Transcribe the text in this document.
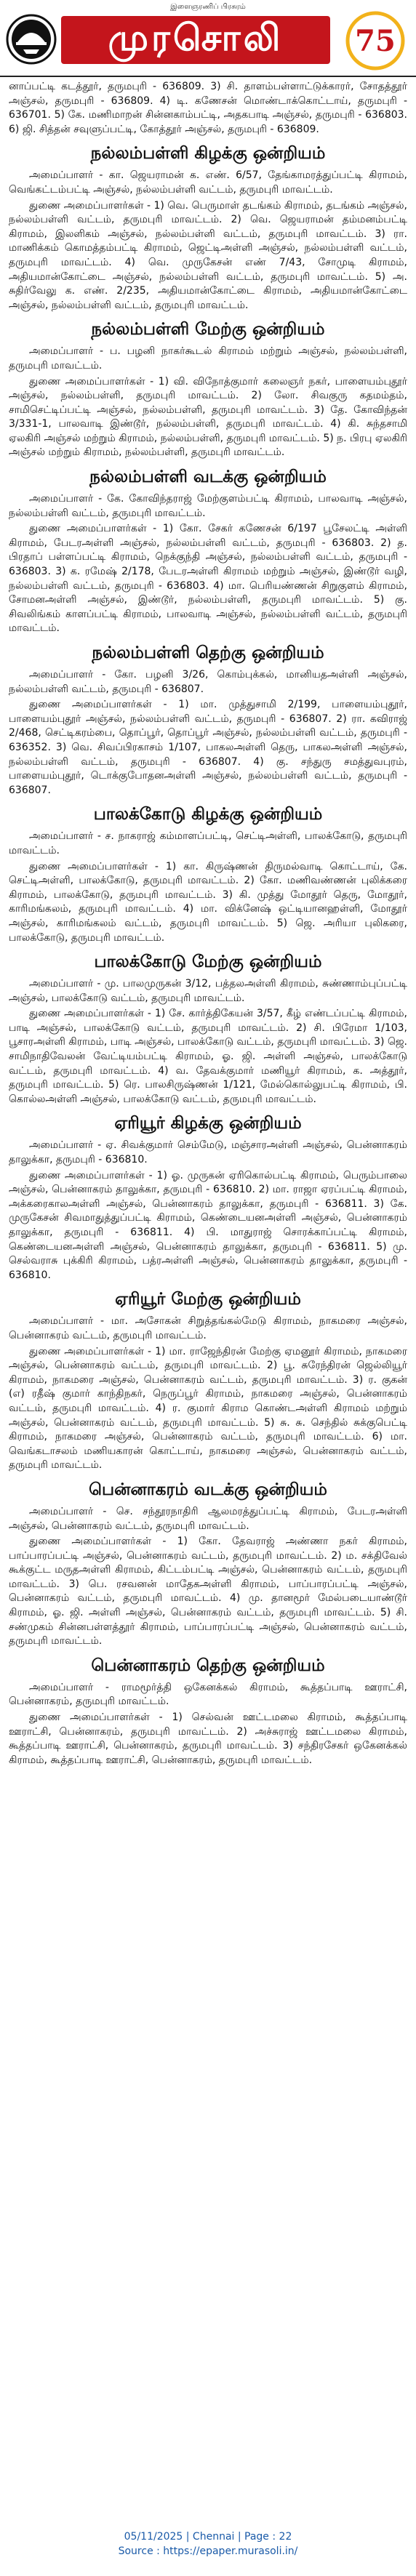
இளைஞரணிப் பிரசுரம்
முரசொலி	75

னாப்பட்டி கடத்தூர், தருமபுரி - 636809. 3) சி. தாளம்பள்ளாட்டுக்காரர், சோதத்தூர் அஞ்சல், தருமபுரி - 636809. 4) டி. கணேசன் மொண்டாக்கொட்டாய், தருமபுரி - 636701. 5) கே. மணிமாறன் சின்னகாம்பட்டி, அதகபாடி அஞ்சல், தருமபுரி - 636803. 6) ஜி. சித்தன் சவுளுப்பட்டி, கோத்தூர் அஞ்சல், தருமபுரி - 636809.

நல்லம்பள்ளி கிழக்கு ஒன்றியம்

அமைப்பாளர் - கா. ஜெயராமன் க. எண். 6/57, தேங்காமரத்துப்பட்டி கிராமம், வெங்கட்டம்பட்டி அஞ்சல், நல்லம்பள்ளி வட்டம், தருமபுரி மாவட்டம்.

துணை அமைப்பாளர்கள் - 1) வெ. பெருமாள் தடங்கம் கிராமம், தடங்கம் அஞ்சல், நல்லம்பள்ளி வட்டம், தருமபுரி மாவட்டம். 2) வெ. ஜெயராமன் தம்மனம்பட்டி கிராமம், இலளிகம் அஞ்சல், நல்லம்பள்ளி வட்டம், தருமபுரி மாவட்டம். 3) ரா. மாணிக்கம் கொமத்தம்பட்டி கிராமம், ஜெட்டிஅள்ளி அஞ்சல், நல்லம்பள்ளி வட்டம், தருமபுரி மாவட்டம். 4) வெ. முருகேசன் எண் 7/43, சோமுடி கிராமம், அதியமான்கோட்டை அஞ்சல், நல்லம்பள்ளி வட்டம், தருமபுரி மாவட்டம். 5) அ. சுதிர்வேலு க. எண். 2/235, அதியமான்கோட்டை கிராமம், அதியமான்கோட்டை அஞ்சல், நல்லம்பள்ளி வட்டம், தருமபுரி மாவட்டம்.

நல்லம்பள்ளி மேற்கு ஒன்றியம்

அமைப்பாளர் - ப. பழனி நாகர்கூடல் கிராமம் மற்றும் அஞ்சல், நல்லம்பள்ளி, தருமபுரி மாவட்டம்.

துணை அமைப்பாளர்கள் - 1) வி. விநோத்குமார் கலைஞர் நகர், பாளையம்புதூர் அஞ்சல், நல்லம்பள்ளி, தருமபுரி மாவட்டம். 2) லோ. சிவகுரு கதமம்தம், சாமிசெட்டிப்பட்டி அஞ்சல், நல்லம்பள்ளி, தருமபுரி மாவட்டம். 3) தே. கோவிந்தன் 3/331-1, பாலவாடி இண்டூர், நல்லம்பள்ளி, தருமபுரி மாவட்டம். 4) கி. சுந்தசாமி ஏலகிரி அஞ்சல் மற்றும் கிராமம், நல்லம்பள்ளி, தருமபுரி மாவட்டம். 5) ந. பிரபு ஏலகிரி அஞ்சல் மற்றும் கிராமம், நல்லம்பள்ளி, தருமபுரி மாவட்டம்.

நல்லம்பள்ளி வடக்கு ஒன்றியம்

அமைப்பாளர் - கே. கோவிந்தராஜ் மேற்குளம்பட்டி கிராமம், பாலவாடி அஞ்சல், நல்லம்பள்ளி வட்டம், தருமபுரி மாவட்டம்.

துணை அமைப்பாளர்கள் - 1) கோ. சேகர் கணேசன் 6/197 பூசேலட்டி அள்ளி கிராமம், பேடரஅள்ளி அஞ்சல், நல்லம்பள்ளி வட்டம், தருமபுரி - 636803. 2) த. பிரதாப் பள்ளப்பட்டி கிராமம், நெக்குந்தி அஞ்சல், நல்லம்பள்ளி வட்டம், தருமபுரி - 636803. 3) க. ரமேஷ் 2/178, பேடரஅள்ளி கிராமம் மற்றும் அஞ்சல், இண்டூர் வழி, நல்லம்பள்ளி வட்டம், தருமபுரி - 636803. 4) மா. பெரியண்ணன் சிறுகுளம் கிராமம், சோமனஅள்ளி அஞ்சல், இண்டூர், நல்லம்பள்ளி, தருமபுரி மாவட்டம். 5) கு. சிவலிங்கம் காளப்பட்டி கிராமம், பாலவாடி அஞ்சல், நல்லம்பள்ளி வட்டம், தருமபுரி மாவட்டம்.

நல்லம்பள்ளி தெற்கு ஒன்றியம்

அமைப்பாளர் - கோ. பழனி 3/26, கொம்புக்கல், மானியதஅள்ளி அஞ்சல், நல்லம்பள்ளி வட்டம், தருமபுரி - 636807.

துணை அமைப்பாளர்கள் - 1) மா. முத்துசாமி 2/199, பாளையம்புதூர், பாளையம்புதூர் அஞ்சல், நல்லம்பள்ளி வட்டம், தருமபுரி - 636807. 2) ரா. கவிராஜ் 2/468, செட்டிகரம்பை, தொப்பூர், தொப்பூர் அஞ்சல், நல்லம்பள்ளி வட்டம், தருமபுரி - 636352. 3) வெ. சிவப்பிரகாசம் 1/107, பாகலஅள்ளி தெரு, பாகலஅள்ளி அஞ்சல், நல்லம்பள்ளி வட்டம், தருமபுரி - 636807. 4) கு. சந்துரு சமத்துவபுரம், பாளையம்புதூர், டொக்குபோதனஅள்ளி அஞ்சல், நல்லம்பள்ளி வட்டம், தருமபுரி - 636807.

பாலக்கோடு கிழக்கு ஒன்றியம்

அமைப்பாளர் - ச. நாகராஜ் கம்மாளப்பட்டி, செட்டிஅள்ளி, பாலக்கோடு, தருமபுரி மாவட்டம்.

துணை அமைப்பாளர்கள் - 1) கா. கிருஷ்ணன் திருமல்வாடி கொட்டாய், கே. செட்டிஅள்ளி, பாலக்கோடு, தருமபுரி மாவட்டம். 2) கோ. மணிவண்ணன் புலிக்கரை கிராமம், பாலக்கோடு, தருமபுரி மாவட்டம். 3) கி. முத்து மோதூர் தெரு, மோதூர், காரிமங்கலம், தருமபுரி மாவட்டம். 4) மா. விக்னேஷ் ஒட்டியானஹள்ளி, மோதூர் அஞ்சல், காரிமங்கலம் வட்டம், தருமபுரி மாவட்டம். 5) ஜெ. அரியா புலிகரை, பாலக்கோடு, தருமபுரி மாவட்டம்.

பாலக்கோடு மேற்கு ஒன்றியம்

அமைப்பாளர் - மு. பாலமுருகன் 3/12, பத்தலஅள்ளி கிராமம், சுண்ணாம்புப்பட்டி அஞ்சல், பாலக்கோடு வட்டம், தருமபுரி மாவட்டம்.

துணை அமைப்பாளர்கள் - 1) சே. கார்த்திகேயன் 3/57, கீழ் எண்டப்பட்டி கிராமம், பாடி அஞ்சல், பாலக்கோடு வட்டம், தருமபுரி மாவட்டம். 2) சி. பிரேமா 1/103, பூசாரஅள்ளி கிராமம், பாடி அஞ்சல், பாலக்கோடு வட்டம், தருமபுரி மாவட்டம். 3) ஜெ. சாமிநாதிவேலன் வேட்டியம்பட்டி கிராமம், ஓ. ஜி. அள்ளி அஞ்சல், பாலக்கோடு வட்டம், தருமபுரி மாவட்டம். 4) வ. தேவக்குமார் மணியூர் கிராமம், க. அத்தூர், தருமபுரி மாவட்டம். 5) ரெ. பாலசிருஷ்ணன் 1/121, மேல்கொல்லுபட்டி கிராமம், பி. கொல்லஅள்ளி அஞ்சல், பாலக்கோடு வட்டம், தருமபுரி மாவட்டம்.

ஏரியூர் கிழக்கு ஒன்றியம்

அமைப்பாளர் - ஏ. சிவக்குமார் செம்மேடு, மஞ்சாரஅள்ளி அஞ்சல், பென்னாகரம் தாலுக்கா, தருமபுரி - 636810.

துணை அமைப்பாளர்கள் - 1) ஓ. முருகன் ஏரிகொல்பட்டி கிராமம், பெரும்பாலை அஞ்சல், பென்னாகரம் தாலுக்கா, தருமபுரி - 636810. 2) மா. ராஜா ஏரப்பட்டி கிராமம், அக்கரைகாலஅள்ளி அஞ்சல், பென்னாகரம் தாலுக்கா, தருமபுரி - 636811. 3) கே. முருகேசன் சிவமாதுத்துப்பட்டி கிராமம், கெண்டையனஅள்ளி அஞ்சல், பென்னாகரம் தாலுக்கா, தருமபுரி - 636811. 4) பி. மாதுராஜ் சொரக்காப்பட்டி கிராமம், கெண்டையனஅள்ளி அஞ்சல், பென்னாகரம் தாலுக்கா, தருமபுரி - 636811. 5) மு. செல்வராசு புக்கிரி கிராமம், பத்ரஅள்ளி அஞ்சல், பென்னாகரம் தாலுக்கா, தருமபுரி - 636810.

ஏரியூர் மேற்கு ஒன்றியம்

அமைப்பாளர் - மா. அசோகன் சிறுத்தங்கல்மேடு கிராமம், நாகமரை அஞ்சல், பென்னாகரம் வட்டம், தருமபுரி மாவட்டம்.

துணை அமைப்பாளர்கள் - 1) மா. ராஜேந்திரன் மேற்கு ஏமனூர் கிராமம், நாகமரை அஞ்சல், பென்னாகரம் வட்டம், தருமபுரி மாவட்டம். 2) பூ. சுரேந்திரன் ஜெல்லியூர் கிராமம், நாகமரை அஞ்சல், பென்னாகரம் வட்டம், தருமபுரி மாவட்டம். 3) ர. குகன் (எ) ரதீஷ் குமார் காந்திநகர், நெருப்பூர் கிராமம், நாகமரை அஞ்சல், பென்னாகரம் வட்டம், தருமபுரி மாவட்டம். 4) ர. குமார் கிராம கொண்டஅள்ளி கிராமம் மற்றும் அஞ்சல், பென்னாகரம் வட்டம், தருமபுரி மாவட்டம். 5) சு. சு. செந்தில் சுக்குபெட்டி கிராமம், நாகமரை அஞ்சல், பென்னாகரம் வட்டம், தருமபுரி மாவட்டம். 6) மா. வெங்கடாசலம் மணியகாரன் கொட்டாய், நாகமரை அஞ்சல், பென்னாகரம் வட்டம், தருமபுரி மாவட்டம்.

பென்னாகரம் வடக்கு ஒன்றியம்

அமைப்பாளர் - செ. சந்தூரநாதிரி ஆலமரத்துப்பட்டி கிராமம், பேடரஅள்ளி அஞ்சல், பென்னாகரம் வட்டம், தருமபுரி மாவட்டம்.

துணை அமைப்பாளர்கள் - 1) கோ. தேவராஜ் அண்ணா நகர் கிராமம், பாப்பாரப்பட்டி அஞ்சல், பென்னாகரம் வட்டம், தருமபுரி மாவட்டம். 2) ம. சக்திவேல் கூக்குட்ட மருதஅள்ளி கிராமம், கிட்டம்பட்டி அஞ்சல், பென்னாகரம் வட்டம், தருமபுரி மாவட்டம். 3) பெ. ரசவனன் மாதேகஅள்ளி கிராமம், பாப்பாரப்பட்டி அஞ்சல், பென்னாகரம் வட்டம், தருமபுரி மாவட்டம். 4) மு. தானமூர் மேல்படையாண்டூர் கிராமம், ஓ. ஜி. அள்ளி அஞ்சல், பென்னாகரம் வட்டம், தருமபுரி மாவட்டம். 5) சி. சண்முகம் சின்னபள்ளத்தூர் கிராமம், பாப்பாரப்பட்டி அஞ்சல், பென்னாகரம் வட்டம், தருமபுரி மாவட்டம்.

பென்னாகரம் தெற்கு ஒன்றியம்

அமைப்பாளர் - ராமமூர்த்தி ஒகேனக்கல் கிராமம், கூத்தப்பாடி ஊராட்சி, பென்னாகரம், தருமபுரி மாவட்டம்.

துணை அமைப்பாளர்கள் - 1) செல்வன் ஊட்டமலை கிராமம், கூத்தப்பாடி ஊராட்சி, பென்னாகரம், தருமபுரி மாவட்டம். 2) அச்சுராஜ் ஊட்டமலை கிராமம், கூத்தப்பாடி ஊராட்சி, பென்னாகரம், தருமபுரி மாவட்டம். 3) சந்திரசேகர் ஒகேனக்கல் கிராமம், கூத்தப்பாடி ஊராட்சி, பென்னாகரம், தருமபுரி மாவட்டம்.

05/11/2025 | Chennai | Page : 22
Source : https://epaper.murasoli.in/
